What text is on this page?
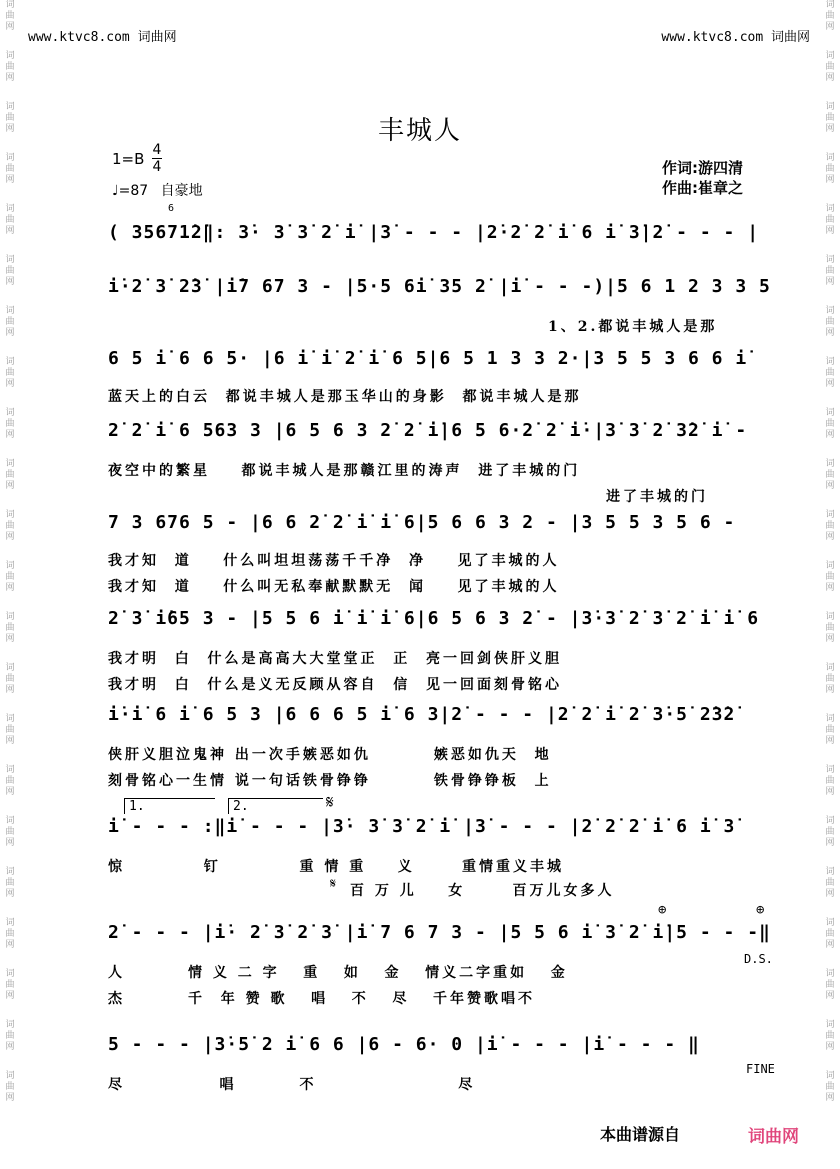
词曲网
词曲网
词曲网
词曲网
词曲网
词曲网
词曲网
词曲网
词曲网
词曲网
词曲网
词曲网
词曲网
词曲网
词曲网
词曲网
词曲网
词曲网
词曲网
词曲网
词曲网
词曲网
词曲网
词曲网
词曲网
词曲网
词曲网
词曲网
词曲网
词曲网
词曲网
词曲网
词曲网
词曲网
词曲网
词曲网
词曲网
词曲网
词曲网
词曲网
词曲网
词曲网
词曲网
词曲网
www.ktvc8.com 词曲网	www.ktvc8.com 词曲网
丰城人
1=B 4
4
♩=87 自豪地
作词:游四清
作曲:崔章之
6
( 35671̇2̇‖: 3̇· 3̇ 3̇ 2̇ i̇ |3̇ - - - |2̇·2̇ 2̇ i̇ 6 i̇ 3̇|2̇ - - - |
i̇·2̇ 3̇ 2̇3̇ |i̇7 67 3 - |5·5 6i̇ 35 2̇ |i̇ - - -)|5 6 1 2 3 3 5
1、2.都说丰城人是那
6 5 i̇ 6 6 5· |6 i̇ i̇ 2̇ i̇ 6 5|6 5 1 3 3 2·|3 5 5 3 6 6 i̇
蓝天上的白云  都说丰城人是那玉华山的身影  都说丰城人是那
2̇ 2̇ i̇ 6 563 3 |6 5 6 3 2̇ 2̇ i̇|6 5 6·2̇ 2̇ i̇·|3̇ 3̇ 2̇ 3̇2̇ i̇ -
夜空中的繁星    都说丰城人是那赣江里的涛声  进了丰城的门
进了丰城的门
7 3 676 5 - |6 6 2̇ 2̇ i̇ i̇ 6|5 6 6 3 2 - |3 5 5 3 5 6 -
我才知  道    什么叫坦坦荡荡千千净  净    见了丰城的人
我才知  道    什么叫无私奉献默默无  闻    见了丰城的人
2̇ 3̇ i̇65 3 - |5 5 6 i̇ i̇ i̇ 6|6 5 6 3 2̇ - |3̇·3̇ 2̇ 3̇ 2̇ i̇ i̇ 6
我才明  白  什么是高高大大堂堂正  正  亮一回剑侠肝义胆
我才明  白  什么是义无反顾从容自  信  见一回面刻骨铭心
i̇·i̇ 6 i̇ 6 5 3 |6 6 6 5 i̇ 6 3|2̇ - - - |2̇ 2̇ i̇ 2̇ 3̇·5̇ 2̇3̇2̇
侠肝义胆泣鬼神 出一次手嫉恶如仇        嫉恶如仇天  地
刻骨铭心一生情 说一句话铁骨铮铮        铁骨铮铮板  上
1.	2.	𝄋
i̇ - - - :‖i̇ - - - |3̇· 3̇ 3̇ 2̇ i̇ |3̇ - - - |2̇ 2̇ 2̇ i̇ 6 i̇ 3̇
惊          钉          重 情 重    义      重情重义丰城
𝄋 百 万 儿    女      百万儿女多人
⊕	⊕
2̇ - - - |i̇· 2̇ 3̇ 2̇ 3̇ |i̇ 7 6 7 3 - |5 5 6 i̇ 3̇ 2̇ i̇|5 - - -‖
D.S.
人        情 义 二 字   重   如   金   情义二字重如   金
杰        千  年 赞 歌   唱   不   尽   千年赞歌唱不
5 - - - |3̇·5̇ 2 i̇ 6 6 |6 - 6· 0 |i̇ - - - |i̇ - - - ‖
FINE
尽            唱        不                  尽
本曲谱源自	词曲网
